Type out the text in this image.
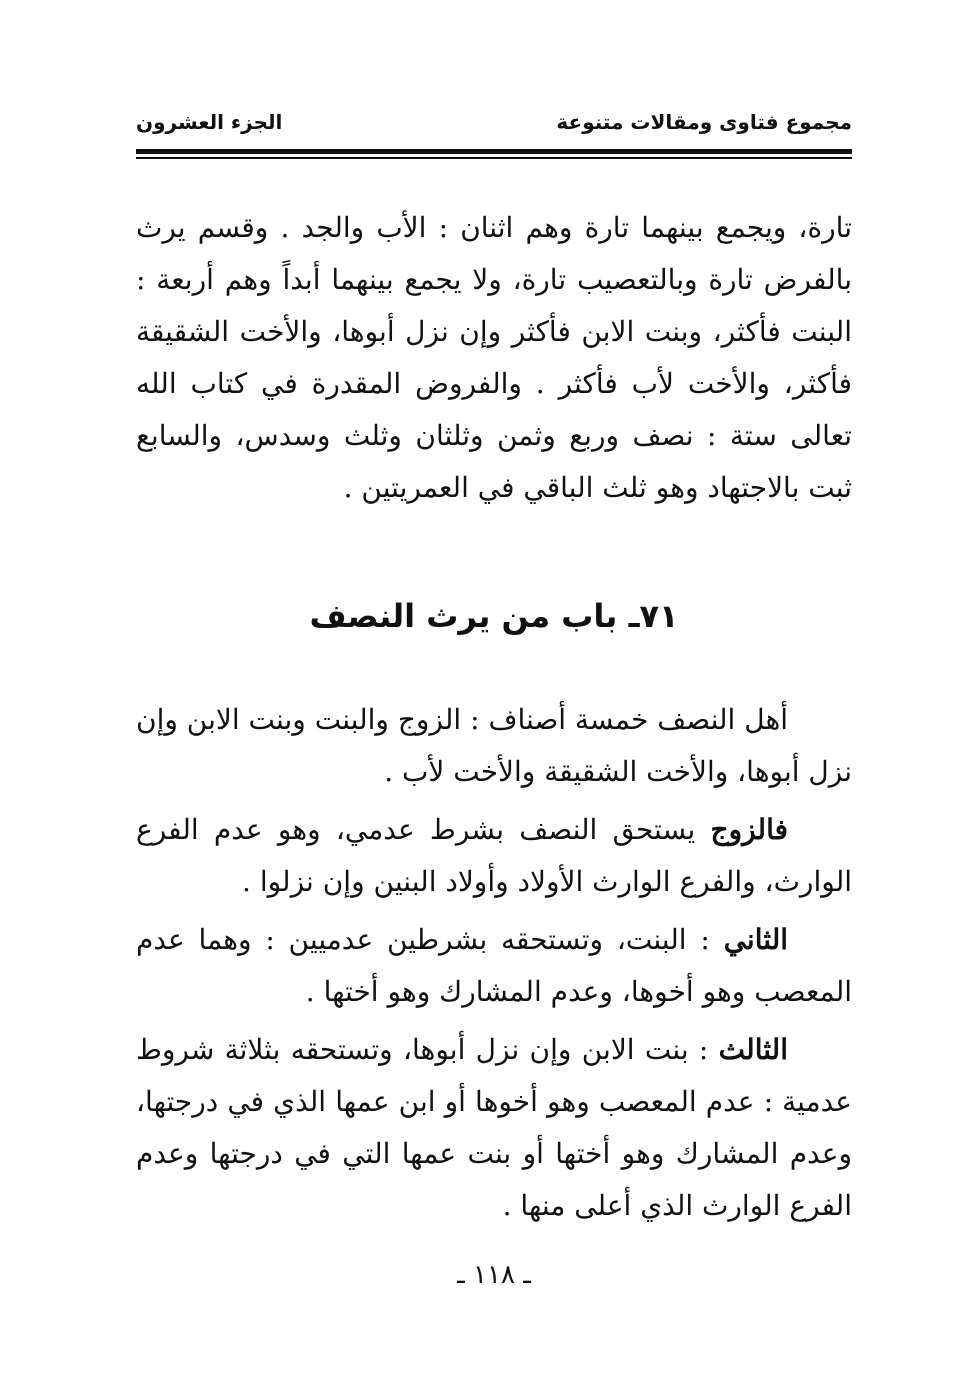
مجموع فتاوى ومقالات متنوعة
الجزء العشرون

تارة، ويجمع بينهما تارة وهم اثنان : الأب والجد . وقسم يرث بالفرض تارة وبالتعصيب تارة، ولا يجمع بينهما أبداً وهم أربعة : البنت فأكثر، وبنت الابن فأكثر وإن نزل أبوها، والأخت الشقيقة فأكثر، والأخت لأب فأكثر . والفروض المقدرة في كتاب الله تعالى ستة : نصف وربع وثمن وثلثان وثلث وسدس، والسابع ثبت بالاجتهاد وهو ثلث الباقي في العمريتين .

٧١ـ باب من يرث النصف

أهل النصف خمسة أصناف : الزوج والبنت وبنت الابن وإن نزل أبوها، والأخت الشقيقة والأخت لأب .

فالزوج يستحق النصف بشرط عدمي، وهو عدم الفرع الوارث، والفرع الوارث الأولاد وأولاد البنين وإن نزلوا .

الثاني : البنت، وتستحقه بشرطين عدميين : وهما عدم المعصب وهو أخوها، وعدم المشارك وهو أختها .

الثالث : بنت الابن وإن نزل أبوها، وتستحقه بثلاثة شروط عدمية : عدم المعصب وهو أخوها أو ابن عمها الذي في درجتها، وعدم المشارك وهو أختها أو بنت عمها التي في درجتها وعدم الفرع الوارث الذي أعلى منها .

ـ ١١٨ ـ
